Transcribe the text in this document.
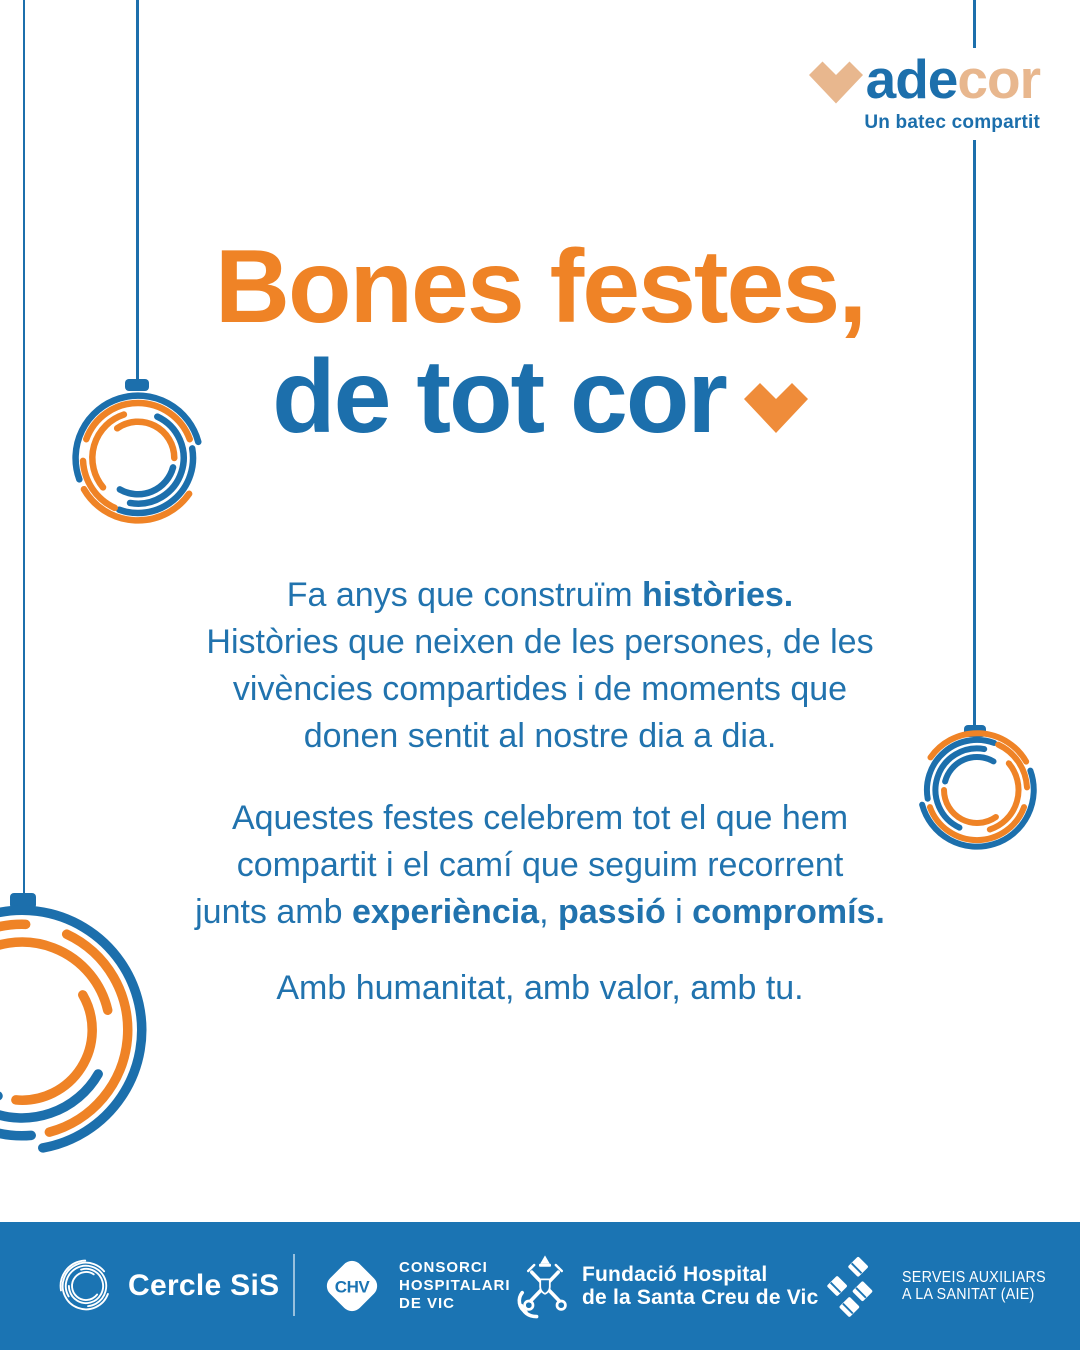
adecor
Un batec compartit
Bones festes,
de tot cor

Fa anys que construïm històries.
Històries que neixen de les persones, de les
vivències compartides i de moments que
donen sentit al nostre dia a dia.

Aquestes festes celebrem tot el que hem
compartit i el camí que seguim recorrent
junts amb experiència, passió i compromís.

Amb humanitat, amb valor, amb tu.

Cercle SiS	CHV
CONSORCI
HOSPITALARI
DE VIC
Fundació Hospital
de la Santa Creu de Vic
SERVEIS AUXILIARS
A LA SANITAT (AIE)
